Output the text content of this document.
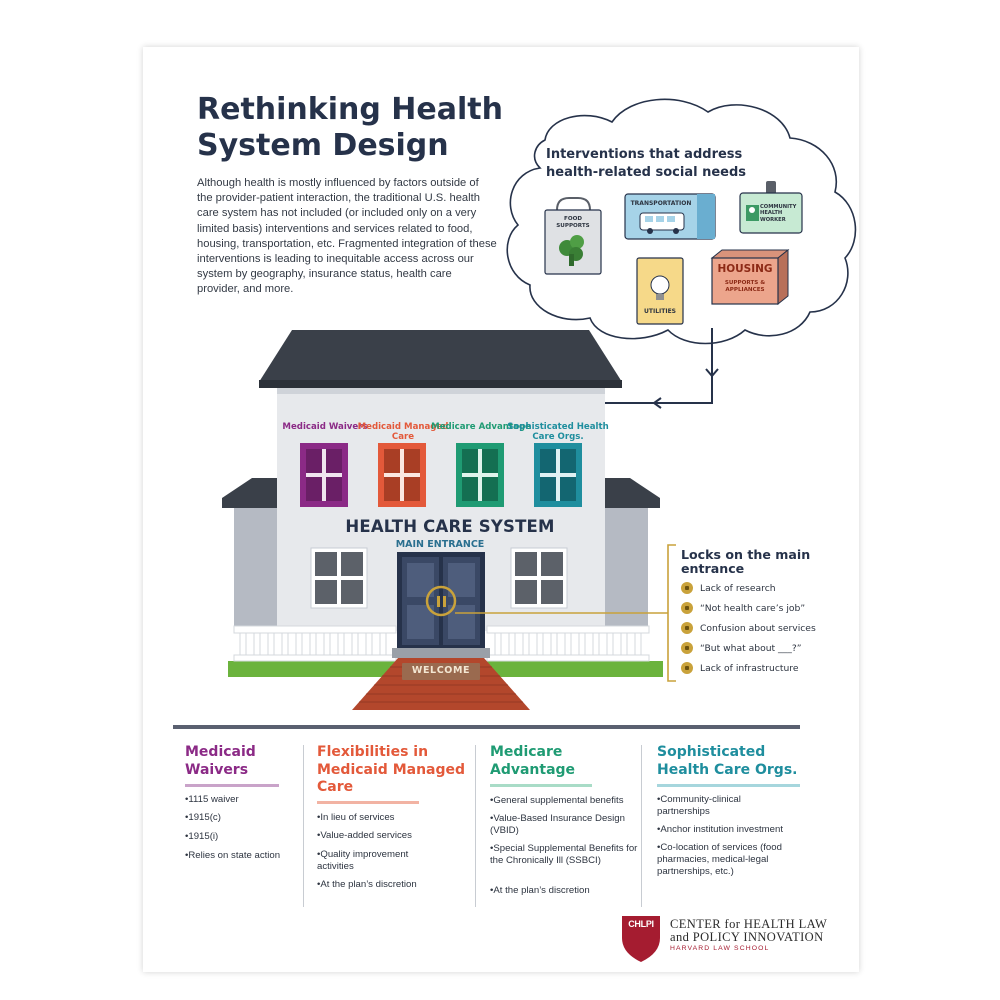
Rethinking Health System Design

Although health is mostly influenced by factors outside of the provider-patient interaction, the traditional U.S. health care system has not included (or included only on a very limited basis) interventions and services related to food, housing, transportation, etc. Fragmented integration of these interventions is leading to inequitable access across our system by geography, insurance status, health care provider, and more.

Interventions that address health-related social needs
FOOD SUPPORTS
TRANSPORTATION	COMMUNITY HEALTH WORKER
UTILITIES
HOUSING
SUPPORTS & APPLIANCES
Medicaid Waivers
Medicaid Managed Care
Medicare Advantage
Sophisticated Health Care Orgs.
HEALTH CARE SYSTEM
MAIN ENTRANCE
WELCOME
Locks on the main entrance
Lack of research
“Not health care’s job”
Confusion about services
“But what about ___?”
Lack of infrastructure
Medicaid Waivers
•1115 waiver
•1915(c)
•1915(i)
•Relies on state action
Flexibilities in Medicaid Managed Care
•In lieu of services
•Value-added services
•Quality improvement activities
•At the plan’s discretion
Medicare Advantage
•General supplemental benefits
•Value-Based Insurance Design (VBID)
•Special Supplemental Benefits for the Chronically Ill (SSBCI)
•At the plan’s discretion
Sophisticated Health Care Orgs.
•Community-clinical partnerships
•Anchor institution investment
•Co-location of services (food pharmacies, medical-legal partnerships, etc.)
CHLPI	CENTER for HEALTH LAW
and POLICY INNOVATION
HARVARD LAW SCHOOL
